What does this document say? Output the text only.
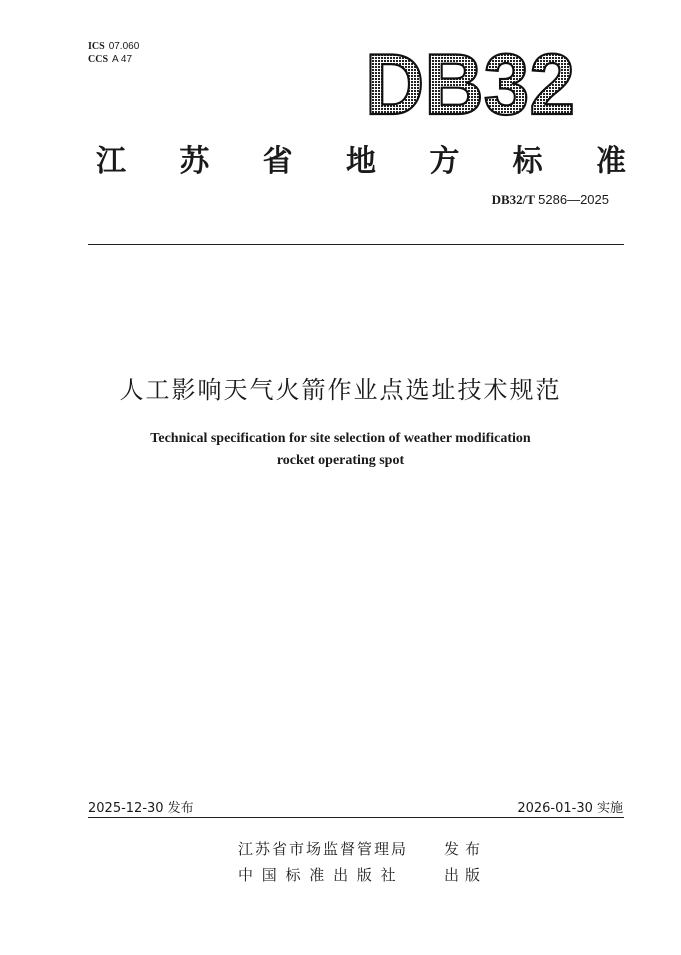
ICS 07.060
CCS A 47	DB32
江 苏 省 地 方 标 准
DB32/T 5286—2025
人工影响天气火箭作业点选址技术规范
Technical specification for site selection of weather modification
rocket operating spot
2025-12-30 发布	2026-01-30 实施
江苏省市场监督管理局
中 国 标 准 出 版 社
发布
出版
